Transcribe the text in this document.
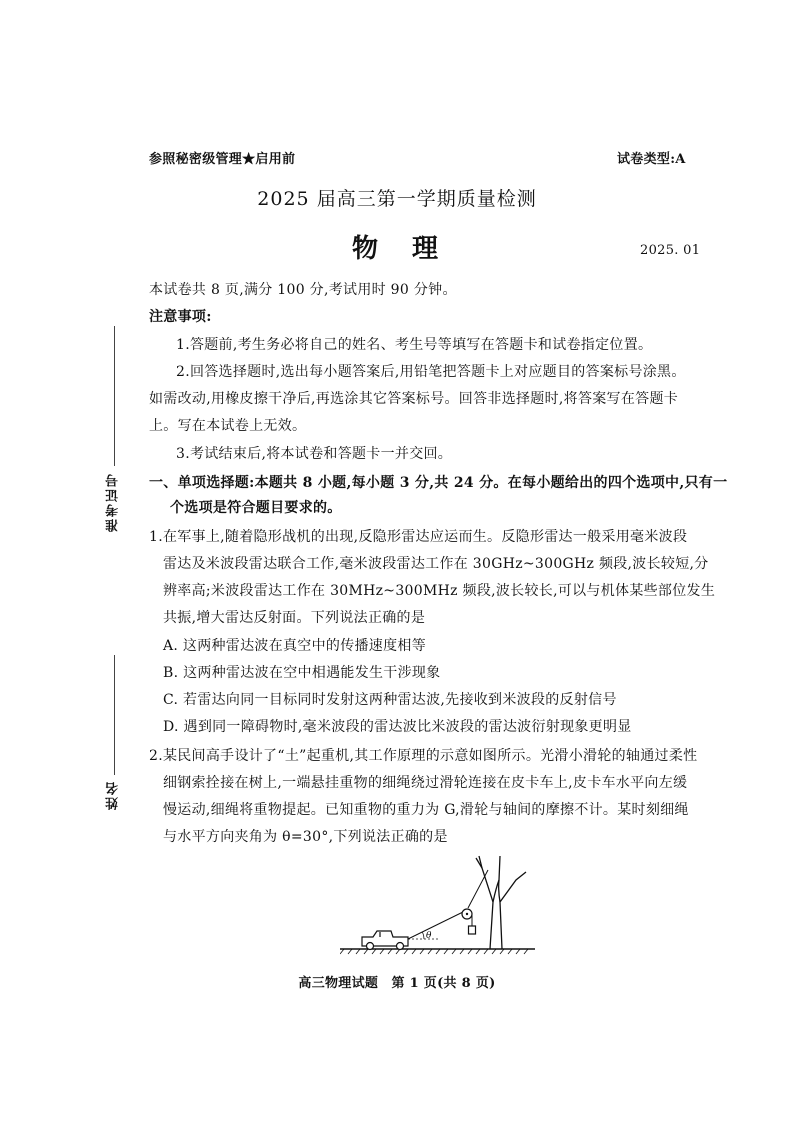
准考证号
姓名
参照秘密级管理★启用前	试卷类型:A
2025 届高三第一学期质量检测
物　理	2025. 01
本试卷共 8 页,满分 100 分,考试用时 90 分钟。
注意事项:
1.答题前,考生务必将自己的姓名、考生号等填写在答题卡和试卷指定位置。
2.回答选择题时,选出每小题答案后,用铅笔把答题卡上对应题目的答案标号涂黑。
如需改动,用橡皮擦干净后,再选涂其它答案标号。回答非选择题时,将答案写在答题卡
上。写在本试卷上无效。
3.考试结束后,将本试卷和答题卡一并交回。
一、单项选择题:本题共 8 小题,每小题 3 分,共 24 分。在每小题给出的四个选项中,只有一
个选项是符合题目要求的。
1.在军事上,随着隐形战机的出现,反隐形雷达应运而生。反隐形雷达一般采用毫米波段
雷达及米波段雷达联合工作,毫米波段雷达工作在 30GHz~300GHz 频段,波长较短,分
辨率高;米波段雷达工作在 30MHz~300MHz 频段,波长较长,可以与机体某些部位发生
共振,增大雷达反射面。下列说法正确的是
A. 这两种雷达波在真空中的传播速度相等
B. 这两种雷达波在空中相遇能发生干涉现象
C. 若雷达向同一目标同时发射这两种雷达波,先接收到米波段的反射信号
D. 遇到同一障碍物时,毫米波段的雷达波比米波段的雷达波衍射现象更明显
2.某民间高手设计了“土”起重机,其工作原理的示意如图所示。光滑小滑轮的轴通过柔性
细钢索拴接在树上,一端悬挂重物的细绳绕过滑轮连接在皮卡车上,皮卡车水平向左缓
慢运动,细绳将重物提起。已知重物的重力为 G,滑轮与轴间的摩擦不计。某时刻细绳
与水平方向夹角为 θ=30°,下列说法正确的是
θ
高三物理试题　第 1 页(共 8 页)
